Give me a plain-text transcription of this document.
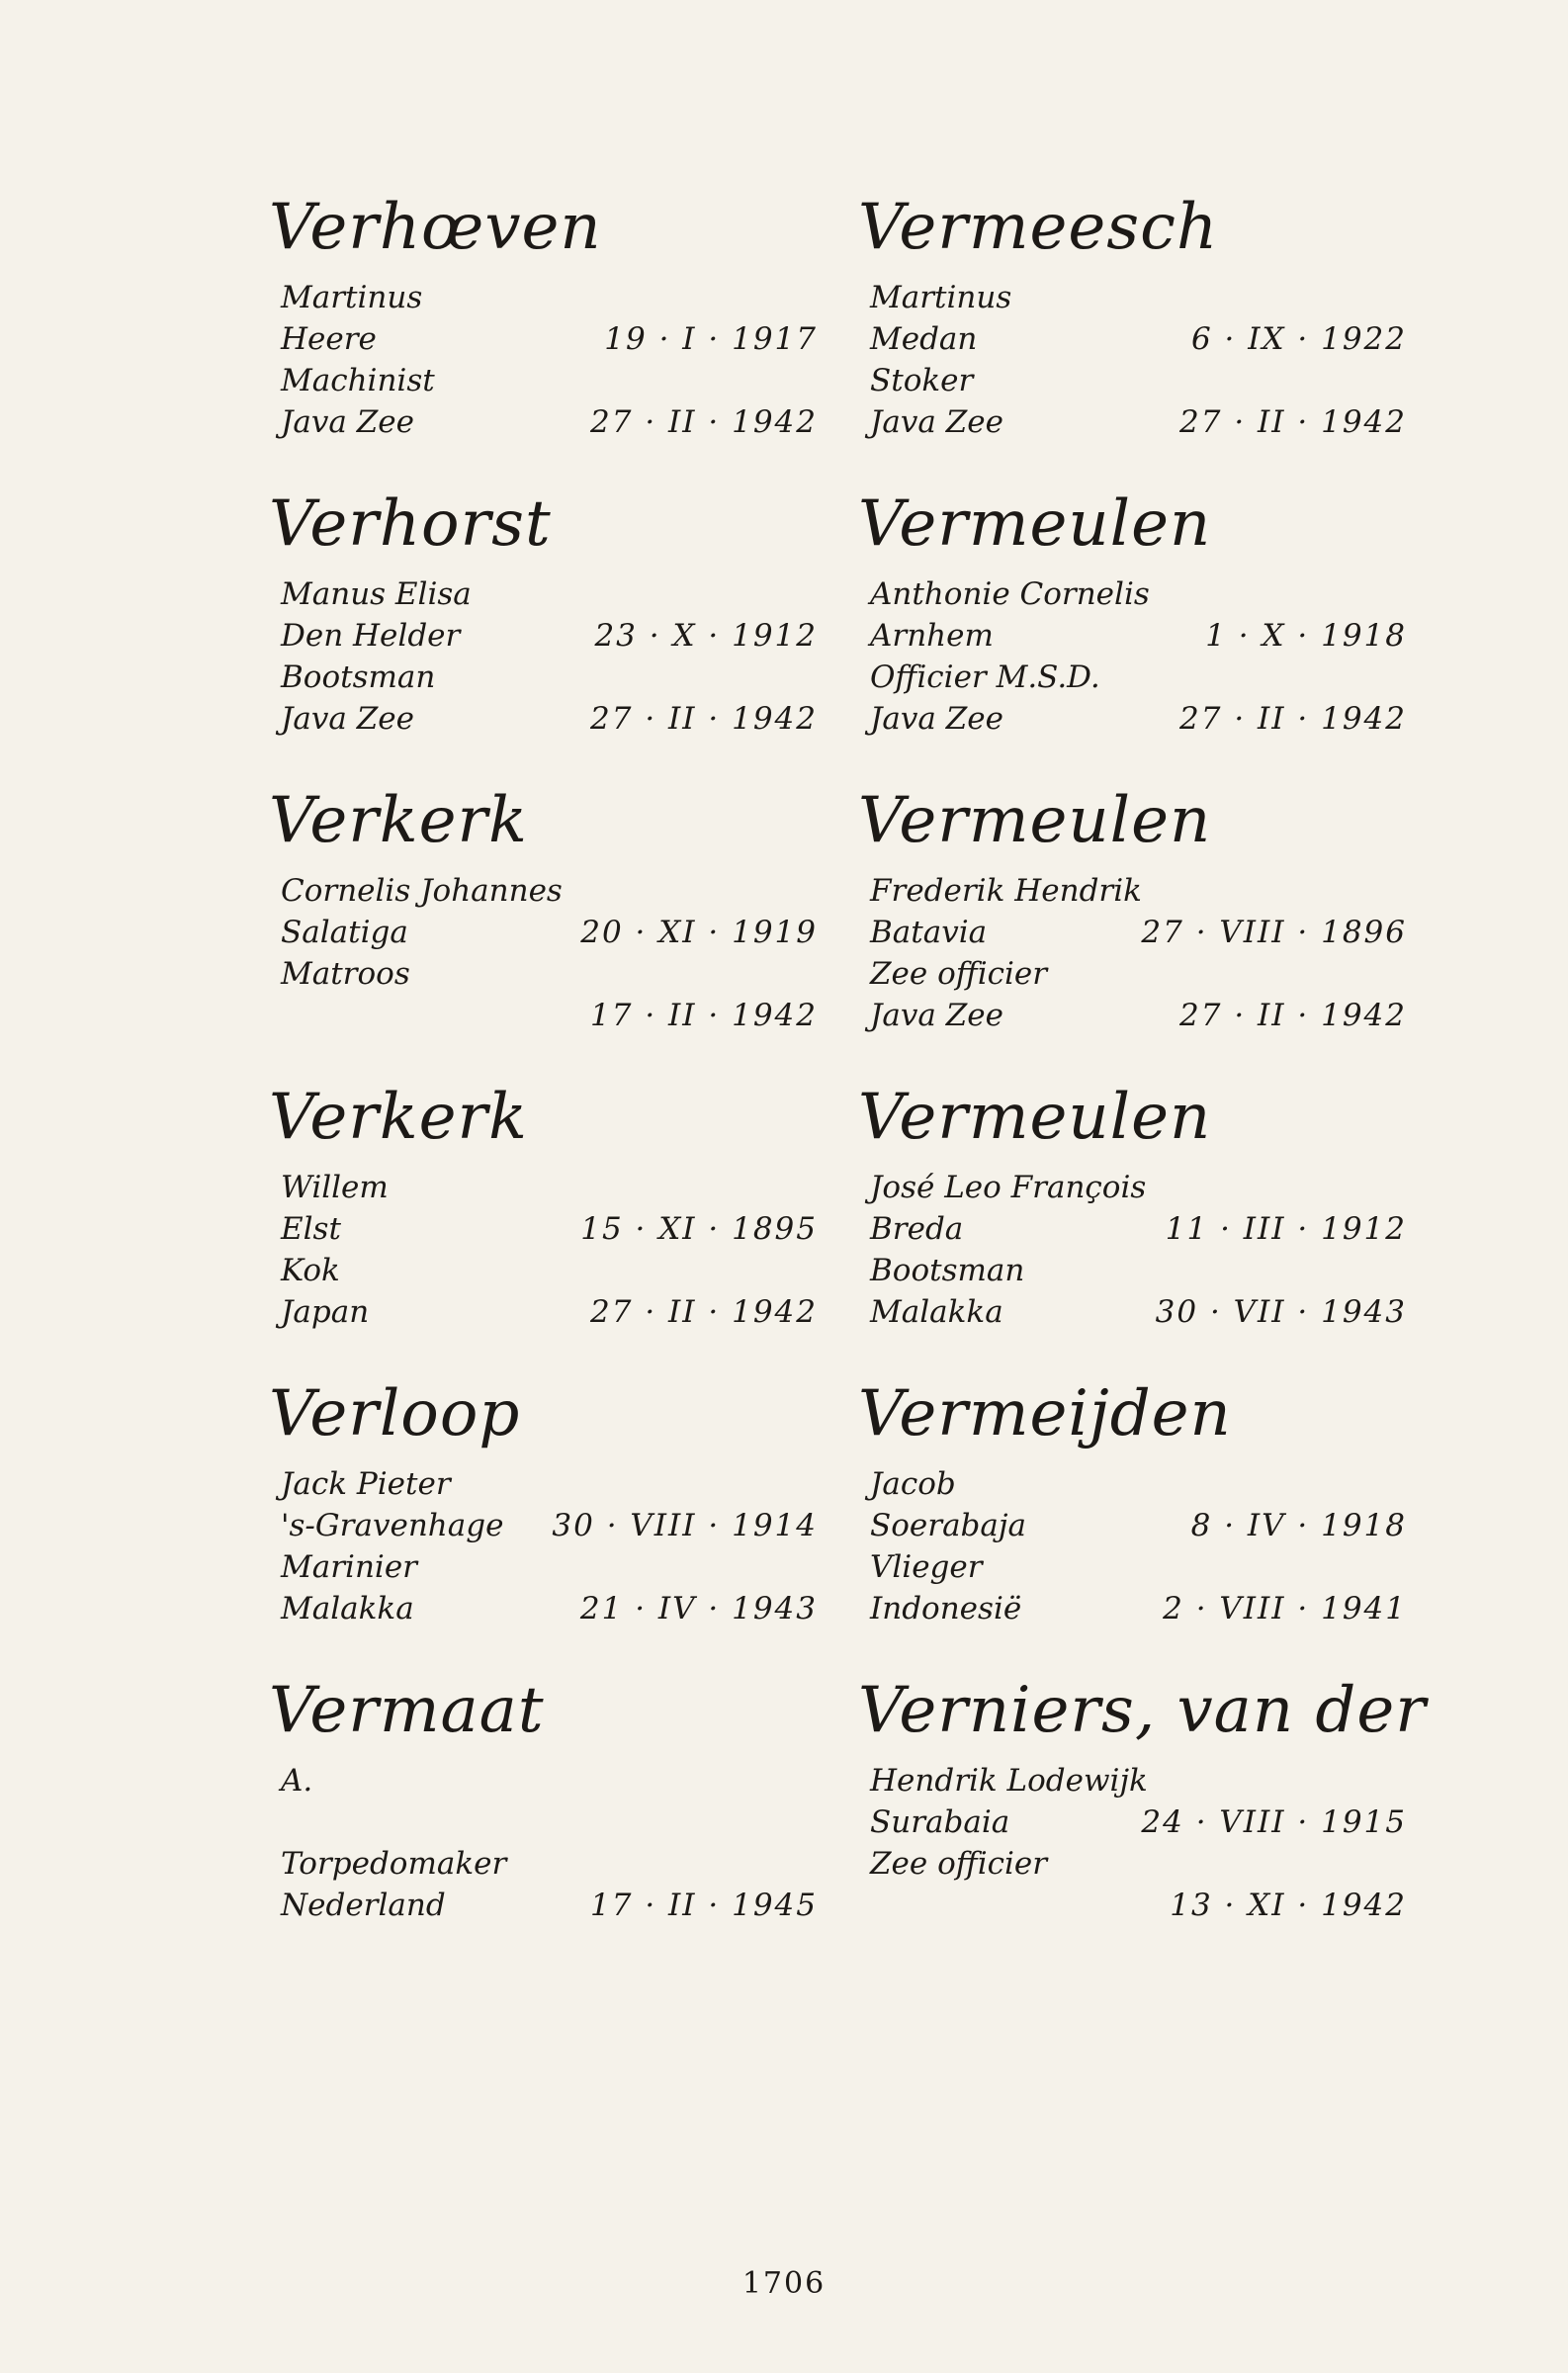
Verhœven
Martinus
Heere	19 · I · 1917
Machinist
Java Zee	27 · II · 1942
Verhorst
Manus Elisa
Den Helder	23 · X · 1912
Bootsman
Java Zee	27 · II · 1942
Verkerk
Cornelis Johannes
Salatiga	20 · XI · 1919
Matroos
17 · II · 1942
Verkerk
Willem
Elst	15 · XI · 1895
Kok
Japan	27 · II · 1942
Verloop
Jack Pieter
's-Gravenhage 30 · VIII · 1914
Marinier
Malakka	21 · IV · 1943
Vermaat
A.
Torpedomaker
Nederland	17 · II · 1945
Vermeesch
Martinus
Medan	6 · IX · 1922
Stoker
Java Zee	27 · II · 1942
Vermeulen
Anthonie Cornelis
Arnhem	1 · X · 1918
Officier M.S.D.
Java Zee	27 · II · 1942
Vermeulen
Frederik Hendrik
Batavia	27 · VIII · 1896
Zee officier
Java Zee	27 · II · 1942
Vermeulen
José Leo François
Breda	11 · III · 1912
Bootsman
Malakka	30 · VII · 1943
Vermeijden
Jacob
Soerabaja	8 · IV · 1918
Vlieger
Indonesië	2 · VIII · 1941
Verniers, van der
Hendrik Lodewijk
Surabaia	24 · VIII · 1915
Zee officier
13 · XI · 1942
1706
